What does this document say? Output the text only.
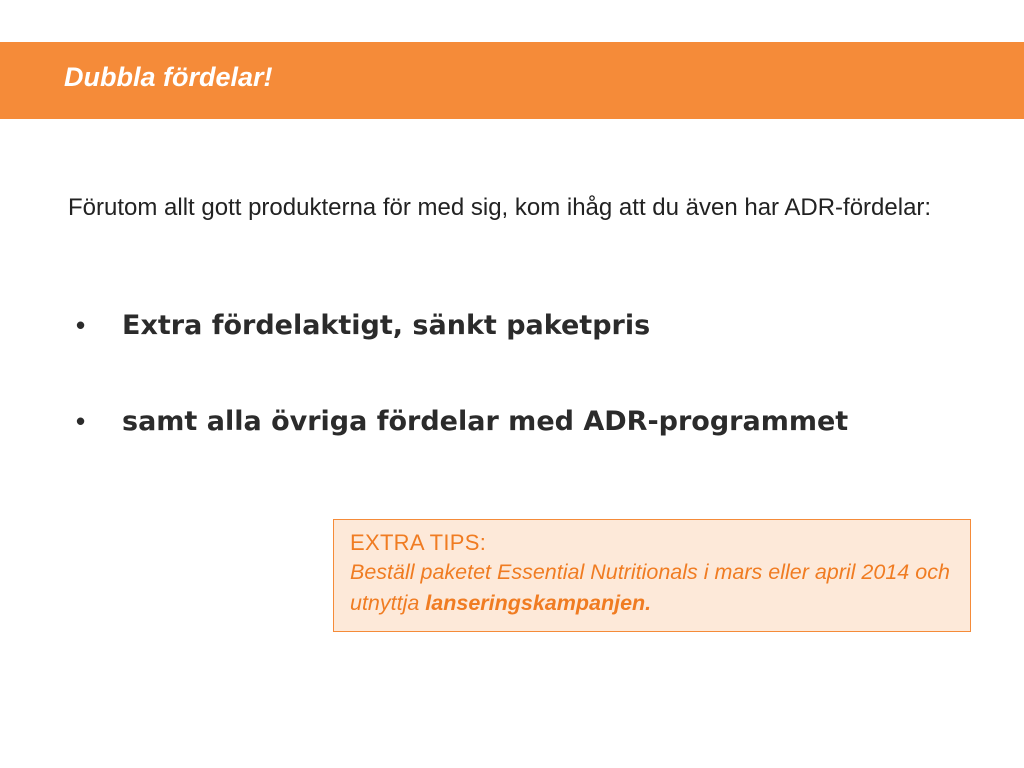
Dubbla fördelar!

Förutom allt gott produkterna för med sig, kom ihåg att du även har ADR-fördelar:

• Extra fördelaktigt, sänkt paketpris
• samt alla övriga fördelar med ADR-programmet

EXTRA TIPS:

Beställ paketet Essential Nutritionals i mars eller april 2014 och utnyttja lanseringskampanjen.
